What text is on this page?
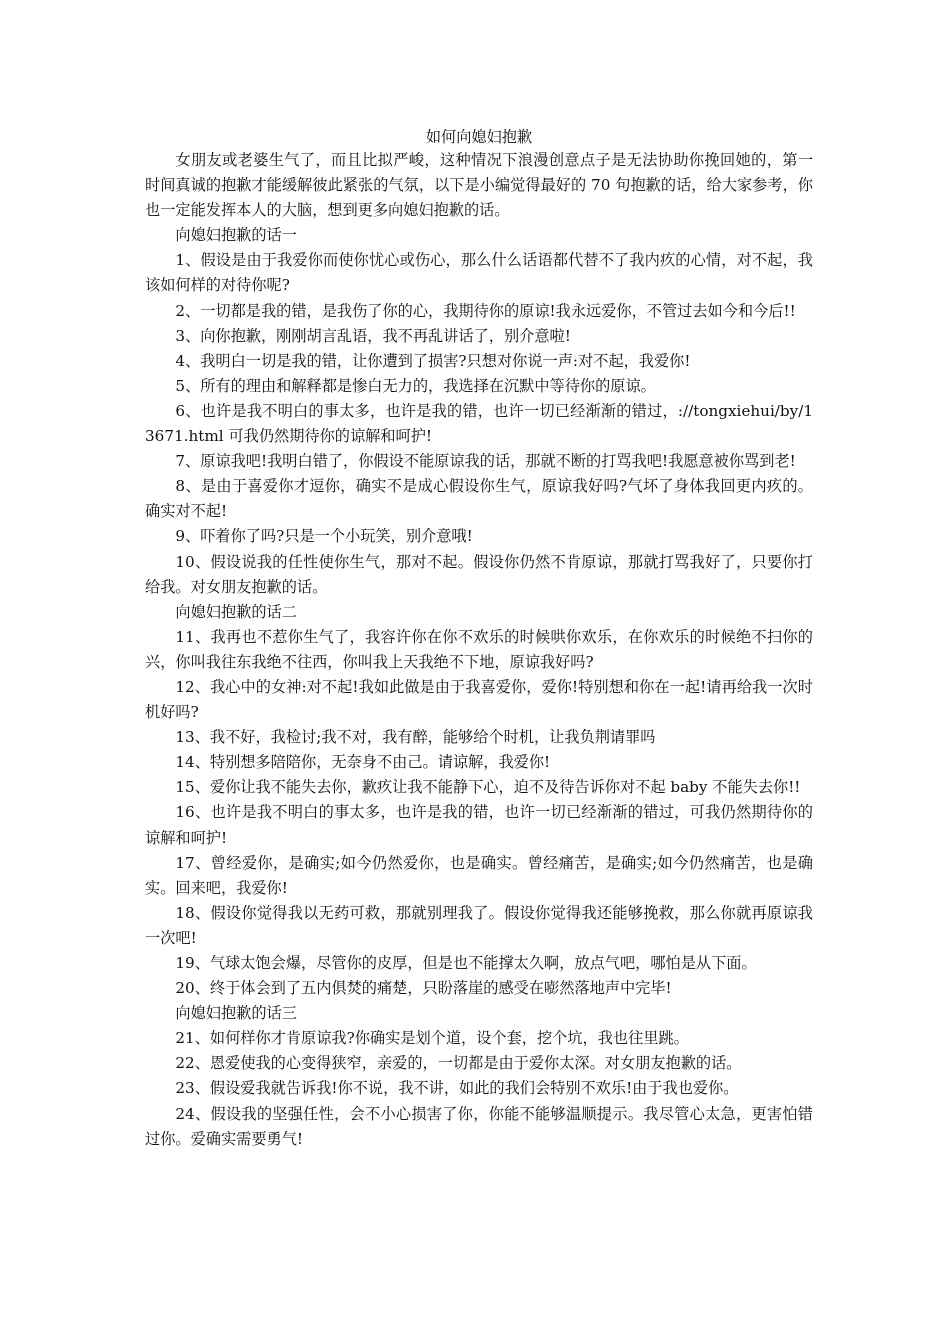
如何向媳妇抱歉

女朋友或老婆生气了，而且比拟严峻，这种情况下浪漫创意点子是无法协助你挽回她的，第一时间真诚的抱歉才能缓解彼此紧张的气氛，以下是小编觉得最好的 70 句抱歉的话，给大家参考，你也一定能发挥本人的大脑，想到更多向媳妇抱歉的话。

向媳妇抱歉的话一

1、假设是由于我爱你而使你忧心或伤心，那么什么话语都代替不了我内疚的心情，对不起，我该如何样的对待你呢?

2、一切都是我的错，是我伤了你的心，我期待你的原谅!我永远爱你，不管过去如今和今后!!

3、向你抱歉，刚刚胡言乱语，我不再乱讲话了，别介意啦!

4、我明白一切是我的错，让你遭到了损害?只想对你说一声:对不起，我爱你!

5、所有的理由和解释都是惨白无力的，我选择在沉默中等待你的原谅。

6、也许是我不明白的事太多，也许是我的错，也许一切已经渐渐的错过，://tongxiehui/by/13671.html 可我仍然期待你的谅解和呵护!

7、原谅我吧!我明白错了，你假设不能原谅我的话，那就不断的打骂我吧!我愿意被你骂到老!

8、是由于喜爱你才逗你，确实不是成心假设你生气，原谅我好吗?气坏了身体我回更内疚的。确实对不起!

9、吓着你了吗?只是一个小玩笑，别介意哦!

10、假设说我的任性使你生气，那对不起。假设你仍然不肯原谅，那就打骂我好了，只要你打给我。对女朋友抱歉的话。

向媳妇抱歉的话二

11、我再也不惹你生气了，我容许你在你不欢乐的时候哄你欢乐，在你欢乐的时候绝不扫你的兴，你叫我往东我绝不往西，你叫我上天我绝不下地，原谅我好吗?

12、我心中的女神:对不起!我如此做是由于我喜爱你，爱你!特别想和你在一起!请再给我一次时机好吗?

13、我不好，我检讨;我不对，我有醉，能够给个时机，让我负荆请罪吗

14、特别想多陪陪你，无奈身不由己。请谅解，我爱你!

15、爱你让我不能失去你，歉疚让我不能静下心，迫不及待告诉你对不起 baby 不能失去你!!

16、也许是我不明白的事太多，也许是我的错，也许一切已经渐渐的错过，可我仍然期待你的谅解和呵护!

17、曾经爱你，是确实;如今仍然爱你，也是确实。曾经痛苦，是确实;如今仍然痛苦，也是确实。回来吧，我爱你!

18、假设你觉得我以无药可救，那就别理我了。假设你觉得我还能够挽救，那么你就再原谅我一次吧!

19、气球太饱会爆，尽管你的皮厚，但是也不能撑太久啊，放点气吧，哪怕是从下面。

20、终于体会到了五内俱焚的痛楚，只盼落崖的感受在嘭然落地声中完毕!

向媳妇抱歉的话三

21、如何样你才肯原谅我?你确实是划个道，设个套，挖个坑，我也往里跳。

22、恩爱使我的心变得狭窄，亲爱的，一切都是由于爱你太深。对女朋友抱歉的话。

23、假设爱我就告诉我!你不说，我不讲，如此的我们会特别不欢乐!由于我也爱你。

24、假设我的坚强任性，会不小心损害了你，你能不能够温顺提示。我尽管心太急，更害怕错过你。爱确实需要勇气!
